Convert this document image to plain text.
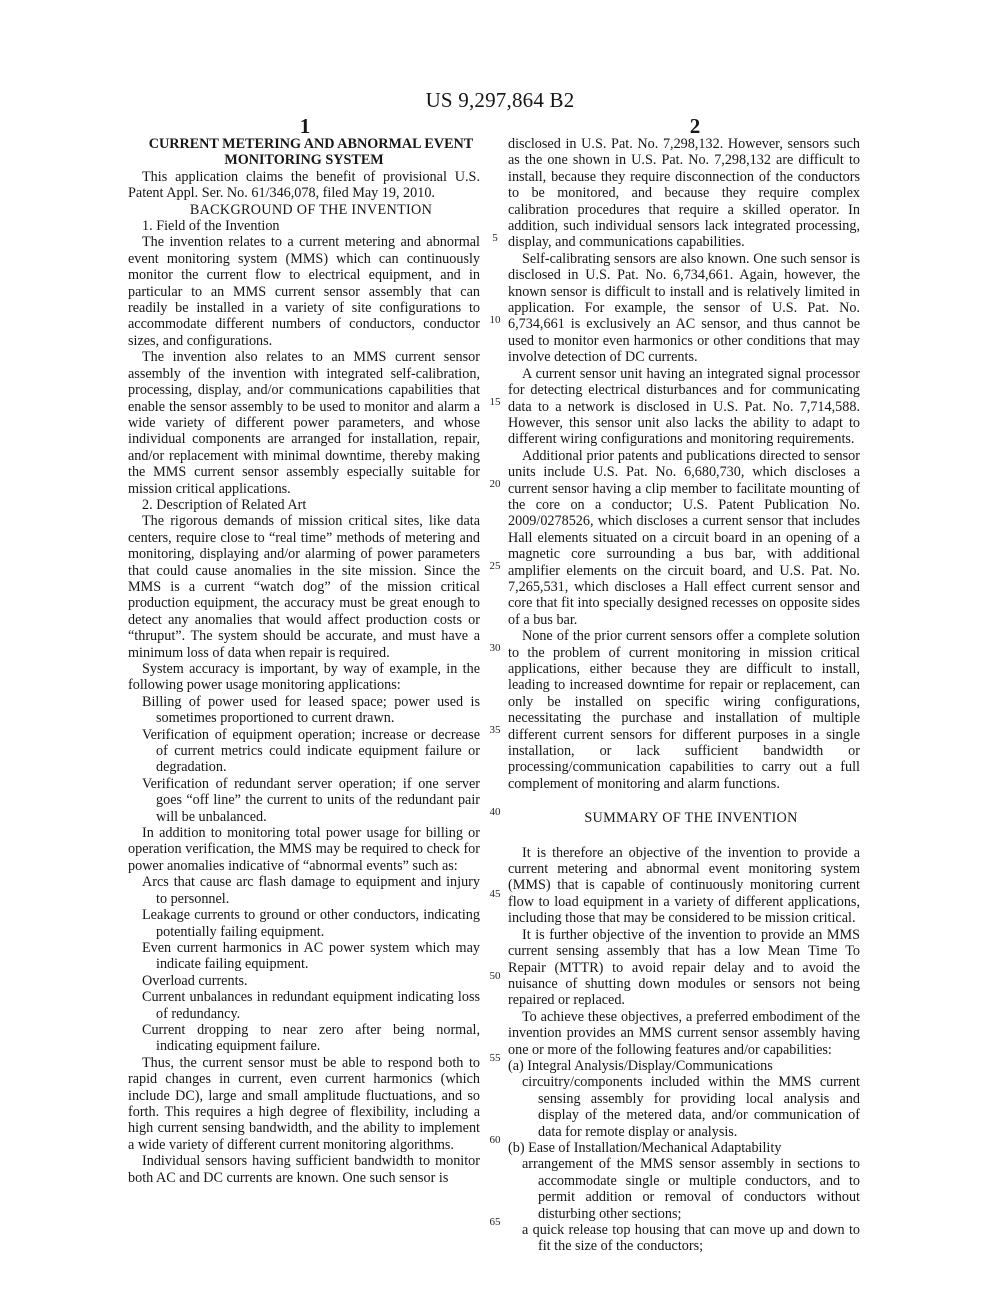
US 9,297,864 B2
1	2

CURRENT METERING AND ABNORMAL EVENT MONITORING SYSTEM

This application claims the benefit of provisional U.S. Patent Appl. Ser. No. 61/346,078, filed May 19, 2010.

BACKGROUND OF THE INVENTION

1. Field of the Invention

The invention relates to a current metering and abnormal event monitoring system (MMS) which can continuously monitor the current flow to electrical equipment, and in particular to an MMS current sensor assembly that can readily be installed in a variety of site configurations to accommodate different numbers of conductors, conductor sizes, and configurations.

The invention also relates to an MMS current sensor assembly of the invention with integrated self-calibration, processing, display, and/or communications capabilities that enable the sensor assembly to be used to monitor and alarm a wide variety of different power parameters, and whose individual components are arranged for installation, repair, and/or replacement with minimal downtime, thereby making the MMS current sensor assembly especially suitable for mission critical applications.

2. Description of Related Art

The rigorous demands of mission critical sites, like data centers, require close to “real time” methods of metering and monitoring, displaying and/or alarming of power parameters that could cause anomalies in the site mission. Since the MMS is a current “watch dog” of the mission critical production equipment, the accuracy must be great enough to detect any anomalies that would affect production costs or “thruput”. The system should be accurate, and must have a minimum loss of data when repair is required.

System accuracy is important, by way of example, in the following power usage monitoring applications:

Billing of power used for leased space; power used is sometimes proportioned to current drawn.

Verification of equipment operation; increase or decrease of current metrics could indicate equipment failure or degradation.

Verification of redundant server operation; if one server goes “off line” the current to units of the redundant pair will be unbalanced.

In addition to monitoring total power usage for billing or operation verification, the MMS may be required to check for power anomalies indicative of “abnormal events” such as:

Arcs that cause arc flash damage to equipment and injury to personnel.

Leakage currents to ground or other conductors, indicating potentially failing equipment.

Even current harmonics in AC power system which may indicate failing equipment.

Overload currents.

Current unbalances in redundant equipment indicating loss of redundancy.

Current dropping to near zero after being normal, indicating equipment failure.

Thus, the current sensor must be able to respond both to rapid changes in current, even current harmonics (which include DC), large and small amplitude fluctuations, and so forth. This requires a high degree of flexibility, including a high current sensing bandwidth, and the ability to implement a wide variety of different current monitoring algorithms.

Individual sensors having sufficient bandwidth to monitor both AC and DC currents are known. One such sensor is

disclosed in U.S. Pat. No. 7,298,132. However, sensors such as the one shown in U.S. Pat. No. 7,298,132 are difficult to install, because they require disconnection of the conductors to be monitored, and because they require complex calibration procedures that require a skilled operator. In addition, such individual sensors lack integrated processing, display, and communications capabilities.

Self-calibrating sensors are also known. One such sensor is disclosed in U.S. Pat. No. 6,734,661. Again, however, the known sensor is difficult to install and is relatively limited in application. For example, the sensor of U.S. Pat. No. 6,734,661 is exclusively an AC sensor, and thus cannot be used to monitor even harmonics or other conditions that may involve detection of DC currents.

A current sensor unit having an integrated signal processor for detecting electrical disturbances and for communicating data to a network is disclosed in U.S. Pat. No. 7,714,588. However, this sensor unit also lacks the ability to adapt to different wiring configurations and monitoring requirements.

Additional prior patents and publications directed to sensor units include U.S. Pat. No. 6,680,730, which discloses a current sensor having a clip member to facilitate mounting of the core on a conductor; U.S. Patent Publication No. 2009/0278526, which discloses a current sensor that includes Hall elements situated on a circuit board in an opening of a magnetic core surrounding a bus bar, with additional amplifier elements on the circuit board, and U.S. Pat. No. 7,265,531, which discloses a Hall effect current sensor and core that fit into specially designed recesses on opposite sides of a bus bar.

None of the prior current sensors offer a complete solution to the problem of current monitoring in mission critical applications, either because they are difficult to install, leading to increased downtime for repair or replacement, can only be installed on specific wiring configurations, necessitating the purchase and installation of multiple different current sensors for different purposes in a single installation, or lack sufficient bandwidth or processing/communication capabilities to carry out a full complement of monitoring and alarm functions.

SUMMARY OF THE INVENTION

It is therefore an objective of the invention to provide a current metering and abnormal event monitoring system (MMS) that is capable of continuously monitoring current flow to load equipment in a variety of different applications, including those that may be considered to be mission critical.

It is further objective of the invention to provide an MMS current sensing assembly that has a low Mean Time To Repair (MTTR) to avoid repair delay and to avoid the nuisance of shutting down modules or sensors not being repaired or replaced.

To achieve these objectives, a preferred embodiment of the invention provides an MMS current sensor assembly having one or more of the following features and/or capabilities:

(a) Integral Analysis/Display/Communications

circuitry/components included within the MMS current sensing assembly for providing local analysis and display of the metered data, and/or communication of data for remote display or analysis.

(b) Ease of Installation/Mechanical Adaptability

arrangement of the MMS sensor assembly in sections to accommodate single or multiple conductors, and to permit addition or removal of conductors without disturbing other sections;

a quick release top housing that can move up and down to fit the size of the conductors;

5
10
15
20
25
30
35
40
45
50
55
60
65
